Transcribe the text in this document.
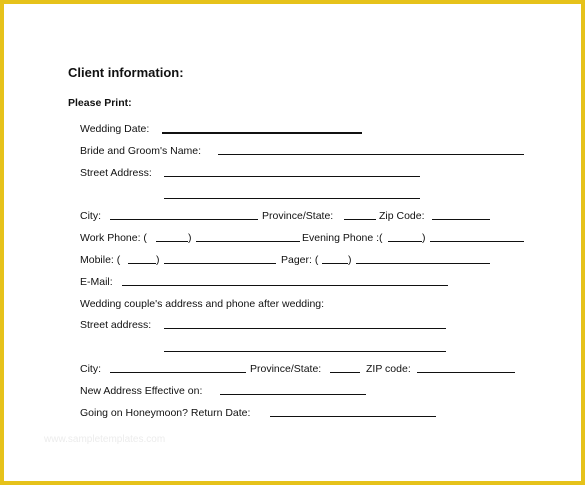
Client information:
Please Print:
Wedding Date:
Bride and Groom's Name:
Street Address:
City:	Province/State:	Zip Code:
Work Phone: (	)	Evening Phone :(	)
Mobile: (	)	Pager: (	)
E-Mail:
Wedding couple's address and phone after wedding:
Street address:
City:	Province/State:	ZIP code:
New Address Effective on:
Going on Honeymoon? Return Date:
www.sampletemplates.com
